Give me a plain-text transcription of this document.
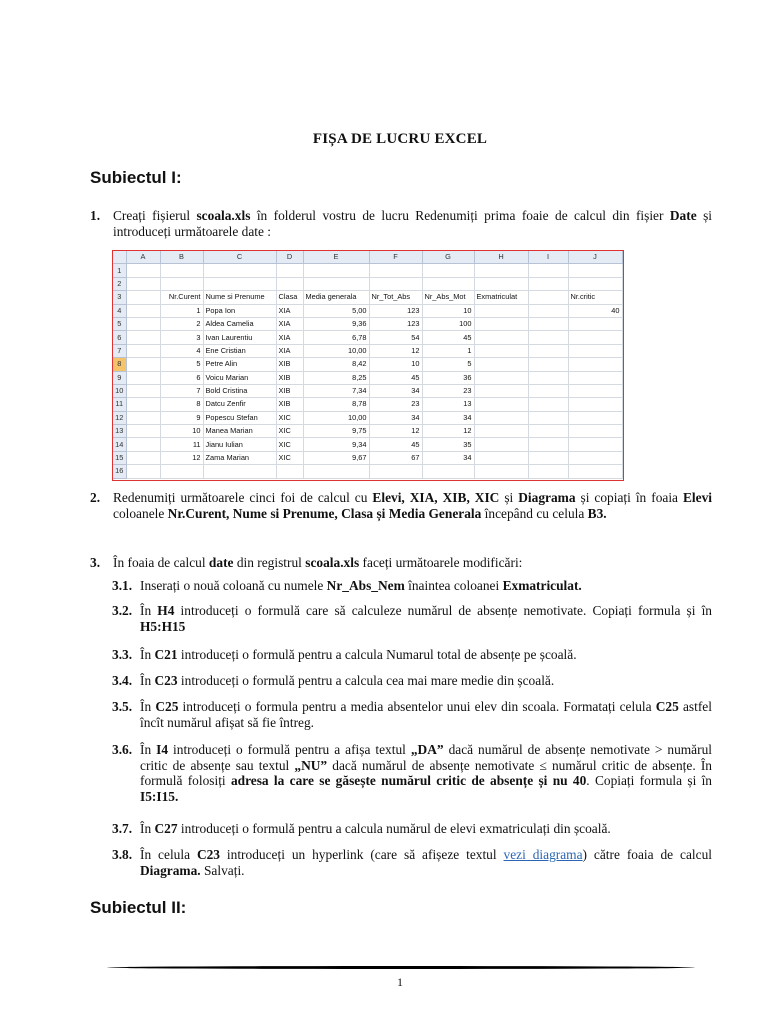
FIȘA DE LUCRU EXCEL
Subiectul I:
1. Creați fișierul scoala.xls în folderul vostru de lucru Redenumiți prima foaie de calcul din fișier Date și introduceți următoarele date :
	A	B	C	D	E	F	G	H	I	J
1										
2										
3		Nr.Curent	Nume si Prenume	Clasa	Media generala	Nr_Tot_Abs	Nr_Abs_Mot	Exmatriculat		Nr.critic
4		1	Popa Ion	XIA	5,00	123	10			40
5		2	Aldea Camelia	XIA	9,36	123	100			
6		3	Ivan Laurentiu	XIA	6,78	54	45			
7		4	Ene Cristian	XIA	10,00	12	1			
8		5	Petre Alin	XIB	8,42	10	5			
9		6	Voicu Marian	XIB	8,25	45	36			
10		7	Bold Cristina	XIB	7,34	34	23			
11		8	Datcu Zenfir	XIB	8,78	23	13			
12		9	Popescu Stefan	XIC	10,00	34	34			
13		10	Manea Marian	XIC	9,75	12	12			
14		11	Jianu Iulian	XIC	9,34	45	35			
15		12	Zama Marian	XIC	9,67	67	34			
16										
2. Redenumiți următoarele cinci foi de calcul cu Elevi, XIA, XIB, XIC și Diagrama și copiați în foaia Elevi coloanele Nr.Curent, Nume si Prenume, Clasa și Media Generala începând cu celula B3.
3. În foaia de calcul date din registrul scoala.xls faceți următoarele modificări:
3.1. Inserați o nouă coloană cu numele Nr_Abs_Nem înaintea coloanei Exmatriculat.
3.2. În H4 introduceți o formulă care să calculeze numărul de absențe nemotivate. Copiați formula și în H5:H15
3.3. În C21 introduceți o formulă pentru a calcula Numarul total de absențe pe școală.
3.4. În C23 introduceți o formulă pentru a calcula cea mai mare medie din școală.
3.5. În C25 introduceți o formula pentru a media absentelor unui elev din scoala. Formatați celula C25 astfel încît numărul afișat să fie întreg.
3.6. În I4 introduceți o formulă pentru a afișa textul „DA” dacă numărul de absențe nemotivate > numărul critic de absențe sau textul „NU” dacă numărul de absențe nemotivate ≤ numărul critic de absențe. În formulă folosiți adresa la care se găsește numărul critic de absențe și nu 40. Copiați formula și în I5:I15.
3.7. În C27 introduceți o formulă pentru a calcula numărul de elevi exmatriculați din școală.
3.8. În celula C23 introduceți un hyperlink (care să afișeze textul vezi diagrama) către foaia de calcul Diagrama. Salvați.
Subiectul II:
1
